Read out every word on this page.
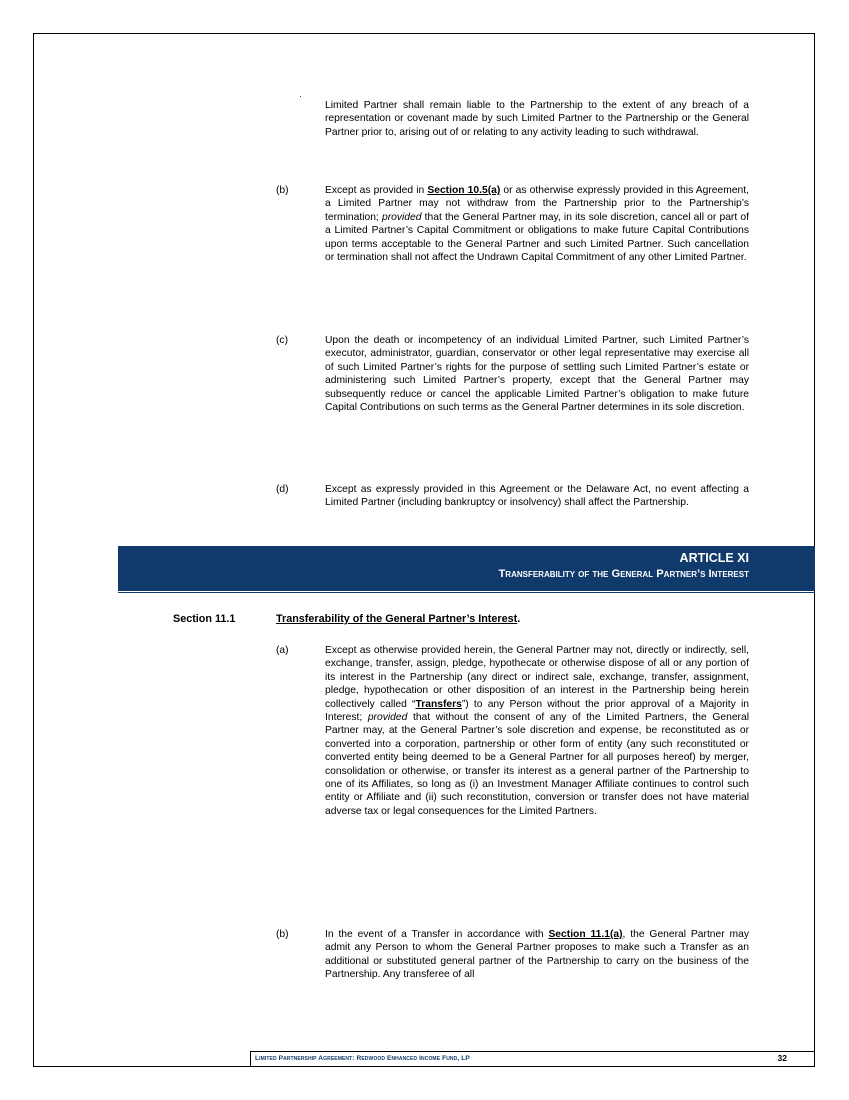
Limited Partner shall remain liable to the Partnership to the extent of any breach of a representation or covenant made by such Limited Partner to the Partnership or the General Partner prior to, arising out of or relating to any activity leading to such withdrawal.

(b)	Except as provided in Section 10.5(a) or as otherwise expressly provided in this Agreement, a Limited Partner may not withdraw from the Partnership prior to the Partnership’s termination; provided that the General Partner may, in its sole discretion, cancel all or part of a Limited Partner’s Capital Commitment or obligations to make future Capital Contributions upon terms acceptable to the General Partner and such Limited Partner. Such cancellation or termination shall not affect the Undrawn Capital Commitment of any other Limited Partner.

(c)	Upon the death or incompetency of an individual Limited Partner, such Limited Partner’s executor, administrator, guardian, conservator or other legal representative may exercise all of such Limited Partner’s rights for the purpose of settling such Limited Partner’s estate or administering such Limited Partner’s property, except that the General Partner may subsequently reduce or cancel the applicable Limited Partner’s obligation to make future Capital Contributions on such terms as the General Partner determines in its sole discretion.

(d)	Except as expressly provided in this Agreement or the Delaware Act, no event affecting a Limited Partner (including bankruptcy or insolvency) shall affect the Partnership.

ARTICLE XI
Transferability of the General Partner’s Interest
Section 11.1	Transferability of the General Partner’s Interest.
(a)	Except as otherwise provided herein, the General Partner may not, directly or indirectly, sell, exchange, transfer, assign, pledge, hypothecate or otherwise dispose of all or any portion of its interest in the Partnership (any direct or indirect sale, exchange, transfer, assignment, pledge, hypothecation or other disposition of an interest in the Partnership being herein collectively called “Transfers”) to any Person without the prior approval of a Majority in Interest; provided that without the consent of any of the Limited Partners, the General Partner may, at the General Partner’s sole discretion and expense, be reconstituted as or converted into a corporation, partnership or other form of entity (any such reconstituted or converted entity being deemed to be a General Partner for all purposes hereof) by merger, consolidation or otherwise, or transfer its interest as a general partner of the Partnership to one of its Affiliates, so long as (i) an Investment Manager Affiliate continues to control such entity or Affiliate and (ii) such reconstitution, conversion or transfer does not have material adverse tax or legal consequences for the Limited Partners.

(b)	In the event of a Transfer in accordance with Section 11.1(a), the General Partner may admit any Person to whom the General Partner proposes to make such a Transfer as an additional or substituted general partner of the Partnership to carry on the business of the Partnership. Any transferee of all

Limited Partnership Agreement: Redwood Enhanced Income Fund, LP	32
